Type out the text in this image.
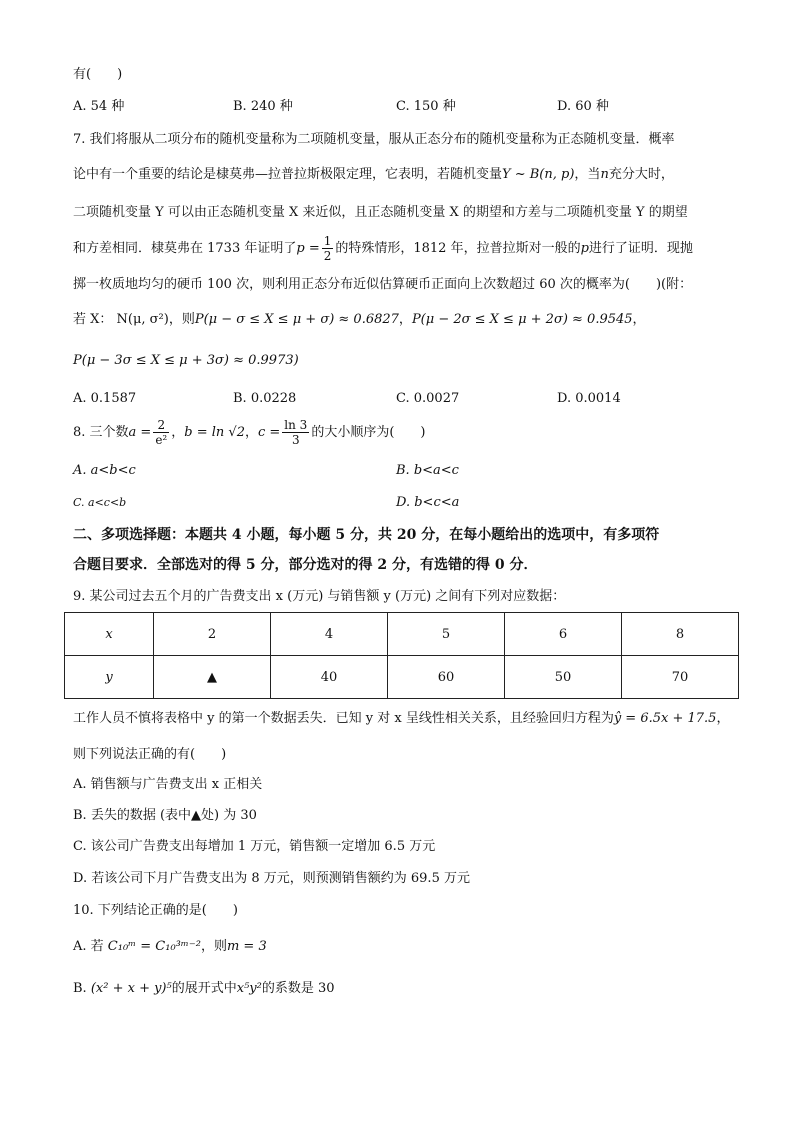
有(　　)
A. 54 种	B. 240 种	C. 150 种	D. 60 种
7. 我们将服从二项分布的随机变量称为二项随机变量，服从正态分布的随机变量称为正态随机变量．概率
论中有一个重要的结论是棣莫弗—拉普拉斯极限定理，它表明，若随机变量Y ~ B(n, p)，当n充分大时，
二项随机变量 Y 可以由正态随机变量 X 来近似，且正态随机变量 X 的期望和方差与二项随机变量 Y 的期望
和方差相同．棣莫弗在 1733 年证明了$p = \frac{1}{2}$ 的特殊情形，1812 年，拉普拉斯对一般的p进行了证明．现抛
掷一枚质地均匀的硬币 100 次，则利用正态分布近似估算硬币正面向上次数超过 60 次的概率为(　　)(附：
若 X： N(μ, σ²)，则P(μ − σ ≤ X ≤ μ + σ) ≈ 0.6827，P(μ − 2σ ≤ X ≤ μ + 2σ) ≈ 0.9545，
P(μ − 3σ ≤ X ≤ μ + 3σ) ≈ 0.9973)
A. 0.1587	B. 0.0228	C. 0.0027	D. 0.0014
8. 三个数$a = \frac{2}{\text{e²}}$ ，b = ln √2，$c = \frac{\ln 3}{3}$ 的大小顺序为(　　)
A. a<b<c	B. b<a<c
C. a<c<b	D. b<c<a
二、多项选择题：本题共 4 小题，每小题 5 分，共 20 分，在每小题给出的选项中，有多项符
合题目要求．全部选对的得 5 分，部分选对的得 2 分，有选错的得 0 分．
9. 某公司过去五个月的广告费支出 x (万元) 与销售额 y (万元) 之间有下列对应数据：
x	2	4	5	6	8
y	▲	40	60	50	70
工作人员不慎将表格中 y 的第一个数据丢失．已知 y 对 x 呈线性相关关系，且经验回归方程为ŷ = 6.5x + 17.5，
则下列说法正确的有(　　)
A. 销售额与广告费支出 x 正相关
B. 丢失的数据 (表中▲处) 为 30
C. 该公司广告费支出每增加 1 万元，销售额一定增加 6.5 万元
D. 若该公司下月广告费支出为 8 万元，则预测销售额约为 69.5 万元
10. 下列结论正确的是(　　)
A. 若 C₁₀ᵐ = C₁₀³ᵐ⁻²，则m = 3
B. (x² + x + y)⁵的展开式中x⁵y²的系数是 30
